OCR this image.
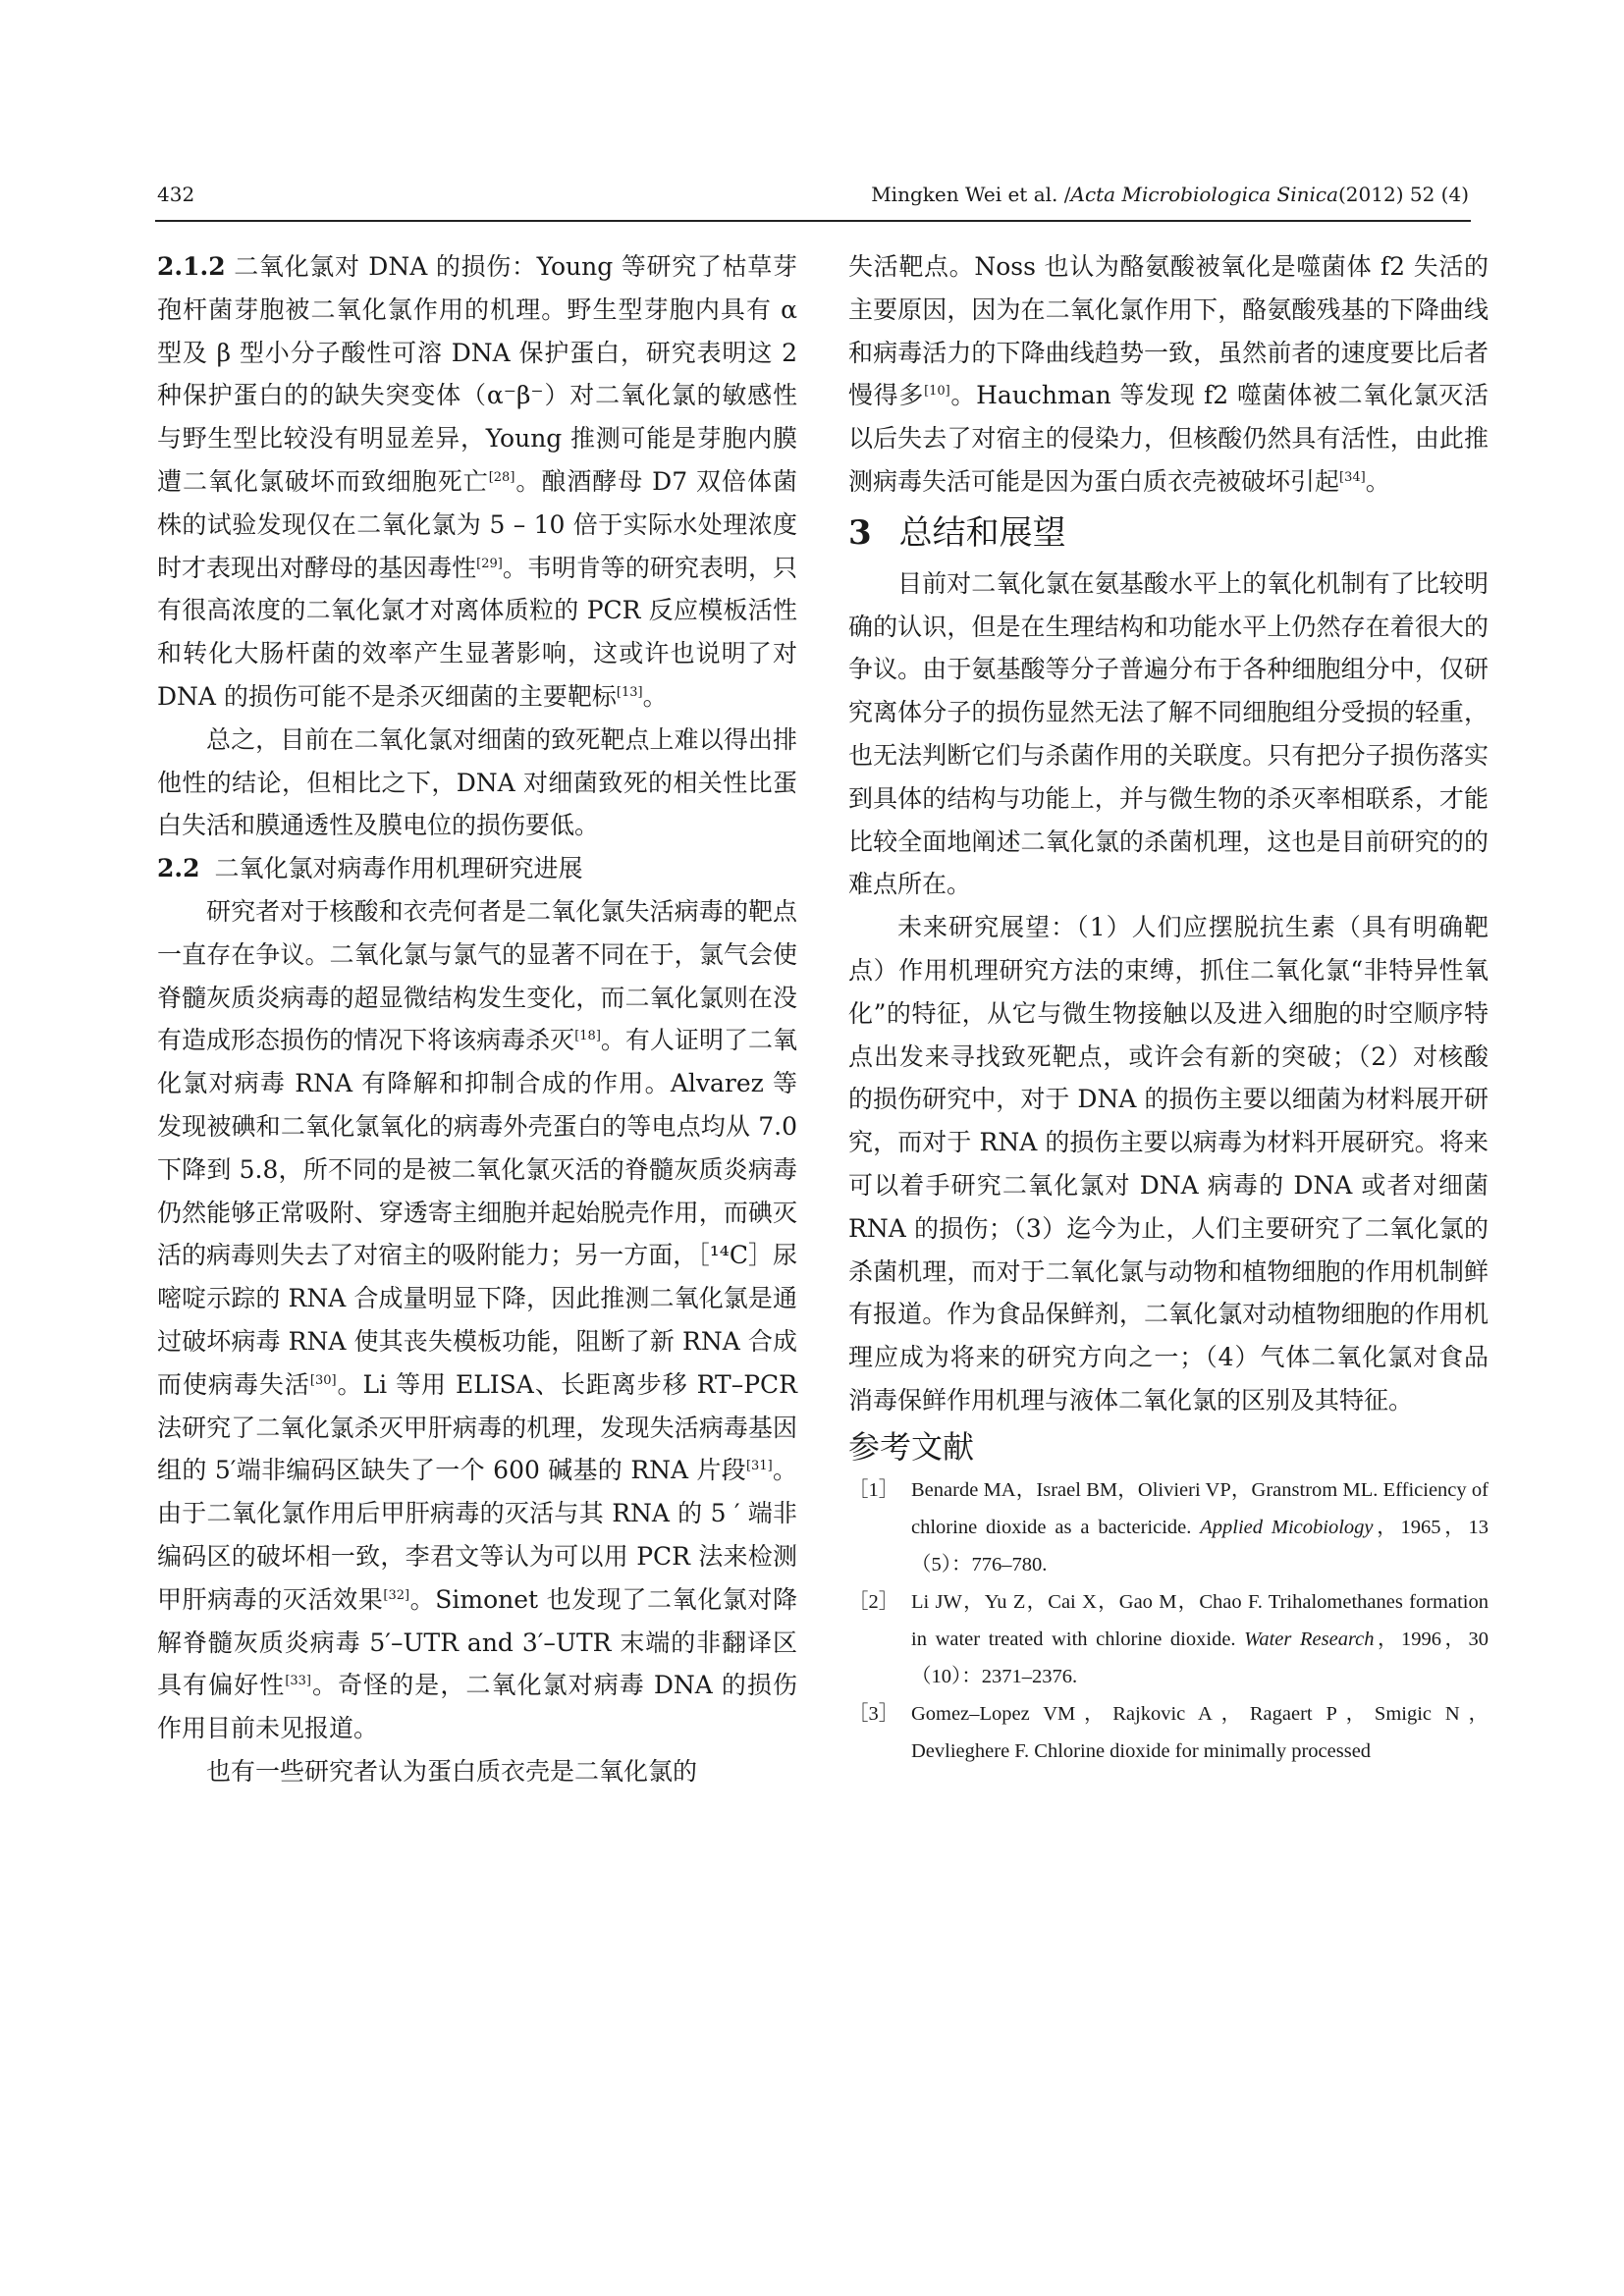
432	Mingken Wei et al. /Acta Microbiologica Sinica(2012) 52 (4)

2.1.2 二氧化氯对 DNA 的损伤：Young 等研究了枯草芽孢杆菌芽胞被二氧化氯作用的机理。野生型芽胞内具有 α 型及 β 型小分子酸性可溶 DNA 保护蛋白，研究表明这 2 种保护蛋白的的缺失突变体（α⁻β⁻）对二氧化氯的敏感性与野生型比较没有明显差异，Young 推测可能是芽胞内膜遭二氧化氯破坏而致细胞死亡[28]。酿酒酵母 D7 双倍体菌株的试验发现仅在二氧化氯为 5 – 10 倍于实际水处理浓度时才表现出对酵母的基因毒性[29]。韦明肯等的研究表明，只有很高浓度的二氧化氯才对离体质粒的 PCR 反应模板活性和转化大肠杆菌的效率产生显著影响，这或许也说明了对 DNA 的损伤可能不是杀灭细菌的主要靶标[13]。

总之，目前在二氧化氯对细菌的致死靶点上难以得出排他性的结论，但相比之下，DNA 对细菌致死的相关性比蛋白失活和膜通透性及膜电位的损伤要低。

2.2 二氧化氯对病毒作用机理研究进展

研究者对于核酸和衣壳何者是二氧化氯失活病毒的靶点一直存在争议。二氧化氯与氯气的显著不同在于，氯气会使脊髓灰质炎病毒的超显微结构发生变化，而二氧化氯则在没有造成形态损伤的情况下将该病毒杀灭[18]。有人证明了二氧化氯对病毒 RNA 有降解和抑制合成的作用。Alvarez 等发现被碘和二氧化氯氧化的病毒外壳蛋白的等电点均从 7.0 下降到 5.8，所不同的是被二氧化氯灭活的脊髓灰质炎病毒仍然能够正常吸附、穿透寄主细胞并起始脱壳作用，而碘灭活的病毒则失去了对宿主的吸附能力；另一方面，［¹⁴C］尿嘧啶示踪的 RNA 合成量明显下降，因此推测二氧化氯是通过破坏病毒 RNA 使其丧失模板功能，阻断了新 RNA 合成而使病毒失活[30]。Li 等用 ELISA、长距离步移 RT–PCR 法研究了二氧化氯杀灭甲肝病毒的机理，发现失活病毒基因组的 5′端非编码区缺失了一个 600 碱基的 RNA 片段[31]。由于二氧化氯作用后甲肝病毒的灭活与其 RNA 的 5 ′ 端非编码区的破坏相一致，李君文等认为可以用 PCR 法来检测甲肝病毒的灭活效果[32]。Simonet 也发现了二氧化氯对降解脊髓灰质炎病毒 5′–UTR and 3′–UTR 末端的非翻译区具有偏好性[33]。奇怪的是，二氧化氯对病毒 DNA 的损伤作用目前未见报道。

也有一些研究者认为蛋白质衣壳是二氧化氯的

失活靶点。Noss 也认为酪氨酸被氧化是噬菌体 f2 失活的主要原因，因为在二氧化氯作用下，酪氨酸残基的下降曲线和病毒活力的下降曲线趋势一致，虽然前者的速度要比后者慢得多[10]。Hauchman 等发现 f2 噬菌体被二氧化氯灭活以后失去了对宿主的侵染力，但核酸仍然具有活性，由此推测病毒失活可能是因为蛋白质衣壳被破坏引起[34]。

3 总结和展望

目前对二氧化氯在氨基酸水平上的氧化机制有了比较明确的认识，但是在生理结构和功能水平上仍然存在着很大的争议。由于氨基酸等分子普遍分布于各种细胞组分中，仅研究离体分子的损伤显然无法了解不同细胞组分受损的轻重，也无法判断它们与杀菌作用的关联度。只有把分子损伤落实到具体的结构与功能上，并与微生物的杀灭率相联系，才能比较全面地阐述二氧化氯的杀菌机理，这也是目前研究的的难点所在。

未来研究展望：（1）人们应摆脱抗生素（具有明确靶点）作用机理研究方法的束缚，抓住二氧化氯“非特异性氧化”的特征，从它与微生物接触以及进入细胞的时空顺序特点出发来寻找致死靶点，或许会有新的突破；（2）对核酸的损伤研究中，对于 DNA 的损伤主要以细菌为材料展开研究，而对于 RNA 的损伤主要以病毒为材料开展研究。将来可以着手研究二氧化氯对 DNA 病毒的 DNA 或者对细菌 RNA 的损伤；（3）迄今为止，人们主要研究了二氧化氯的杀菌机理，而对于二氧化氯与动物和植物细胞的作用机制鲜有报道。作为食品保鲜剂，二氧化氯对动植物细胞的作用机理应成为将来的研究方向之一；（4）气体二氧化氯对食品消毒保鲜作用机理与液体二氧化氯的区别及其特征。

参考文献

［1］ Benarde MA，Israel BM，Olivieri VP，Granstrom ML. Efficiency of chlorine dioxide as a bactericide. Applied Micobiology，1965，13（5）：776–780.
［2］ Li JW，Yu Z，Cai X，Gao M，Chao F. Trihalomethanes formation in water treated with chlorine dioxide. Water Research，1996，30（10）：2371–2376.
［3］ Gomez–Lopez VM，Rajkovic A，Ragaert P，Smigic N，Devlieghere F. Chlorine dioxide for minimally processed
